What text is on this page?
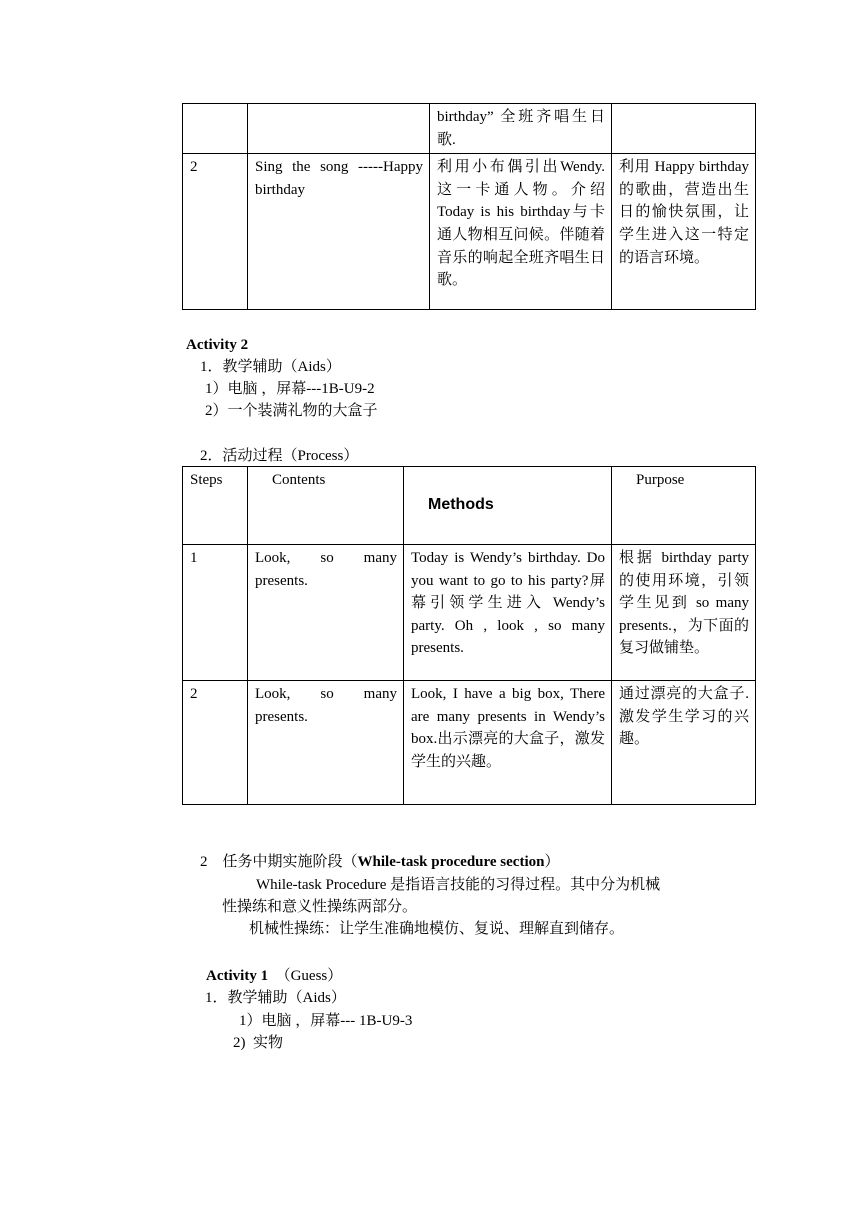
		birthday” 全班齐唱生日歌.	
2	Sing the song -----Happy birthday	利用小布偶引出Wendy. 这一卡通人物。介绍Today is his birthday与卡通人物相互问候。伴随着音乐的响起全班齐唱生日歌。	利用 Happy birthday的歌曲，营造出生日的愉快氛围，让学生进入这一特定的语言环境。
Activity 2
1．教学辅助（Aids）
1）电脑 ，屏幕---1B-U9-2
2）一个装满礼物的大盒子
2．活动过程（Process）
Steps	Contents	Methods	Purpose
1	Look, so many presents.	Today is Wendy’s birthday. Do you want to go to his party?屏幕引领学生进入 Wendy’s party. Oh , look , so many presents.	根据 birthday party 的使用环境，引领学生见到 so many presents.，为下面的复习做铺垫。
2	Look, so many presents.	Look, I have a big box, There are many presents in Wendy’s box.出示漂亮的大盒子，激发学生的兴趣。	通过漂亮的大盒子.激发学生学习的兴趣。
2　任务中期实施阶段（While-task procedure section）
While-task Procedure 是指语言技能的习得过程。其中分为机械
性操练和意义性操练两部分。
机械性操练：让学生准确地模仿、复说、理解直到储存。
Activity 1 （Guess）
1．教学辅助（Aids）
1）电脑 ，屏幕--- 1B-U9-3
2)  实物
